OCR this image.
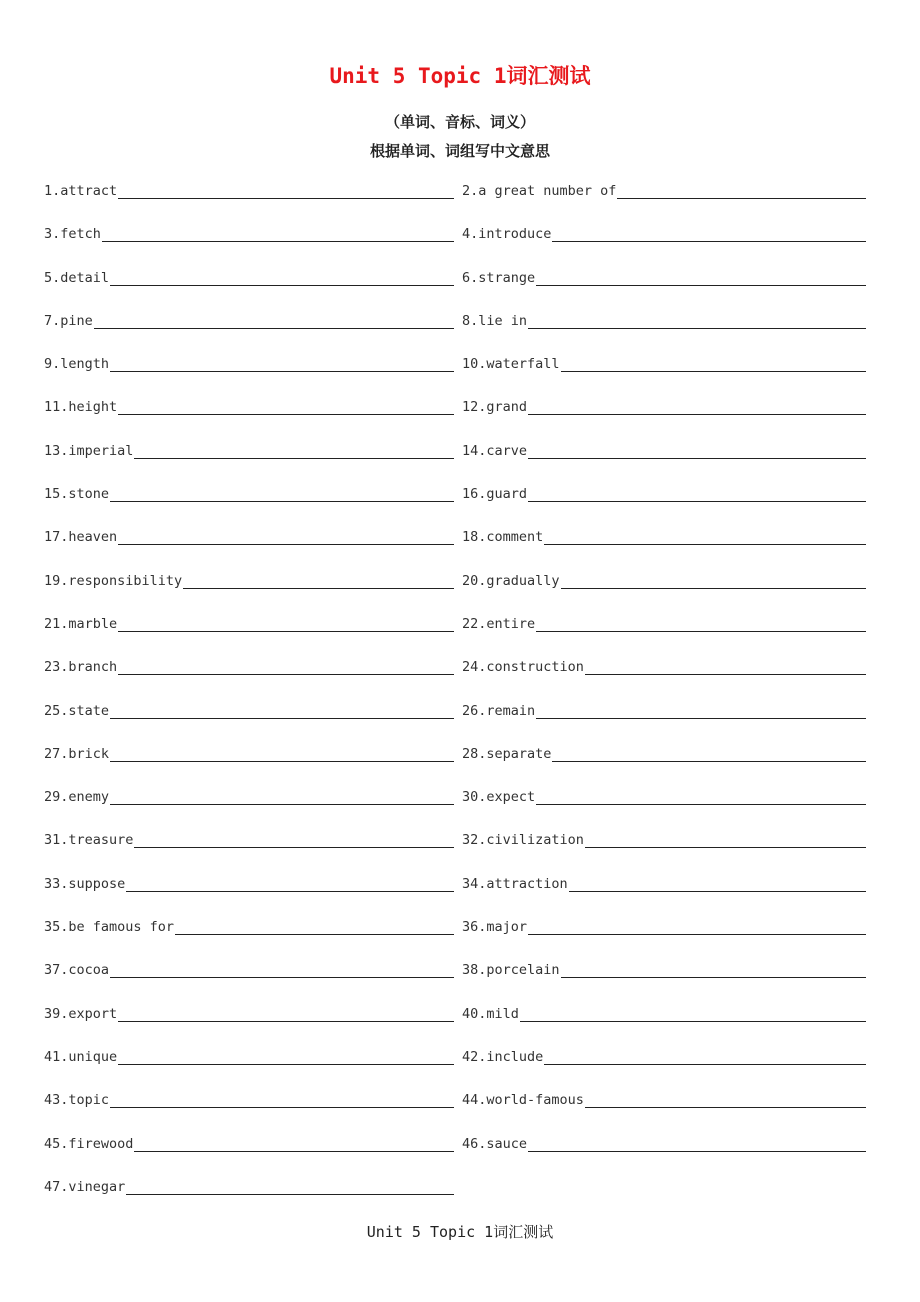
Unit 5 Topic 1词汇测试
（单词、音标、词义）
根据单词、词组写中文意思
1.attract	2.a great number of
3.fetch	4.introduce
5.detail	6.strange
7.pine	8.lie in
9.length	10.waterfall
11.height	12.grand
13.imperial	14.carve
15.stone	16.guard
17.heaven	18.comment
19.responsibility	20.gradually
21.marble	22.entire
23.branch	24.construction
25.state	26.remain
27.brick	28.separate
29.enemy	30.expect
31.treasure	32.civilization
33.suppose	34.attraction
35.be famous for	36.major
37.cocoa	38.porcelain
39.export	40.mild
41.unique	42.include
43.topic	44.world-famous
45.firewood	46.sauce
47.vinegar
Unit 5 Topic 1词汇测试
